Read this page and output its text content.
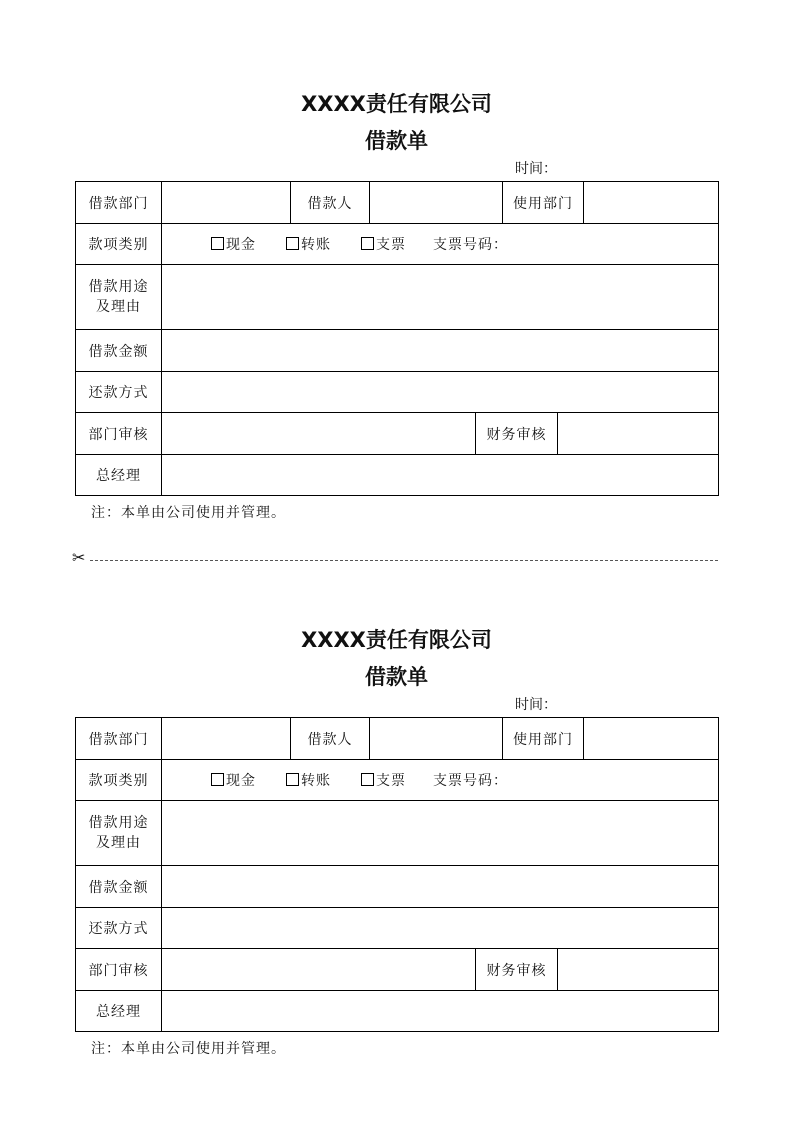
XXXX责任有限公司
借款单
时间：
借款部门		借款人			使用部门		
款项类别	现金 转账 支票 支票号码：						

借款用途
及理由							

借款金额							
还款方式							
部门审核				财务审核			
总经理							
注：本单由公司使用并管理。
✂
XXXX责任有限公司
借款单
时间：
借款部门		借款人			使用部门		
款项类别	现金 转账 支票 支票号码：						

借款用途
及理由							

借款金额							
还款方式							
部门审核				财务审核			
总经理							
注：本单由公司使用并管理。
